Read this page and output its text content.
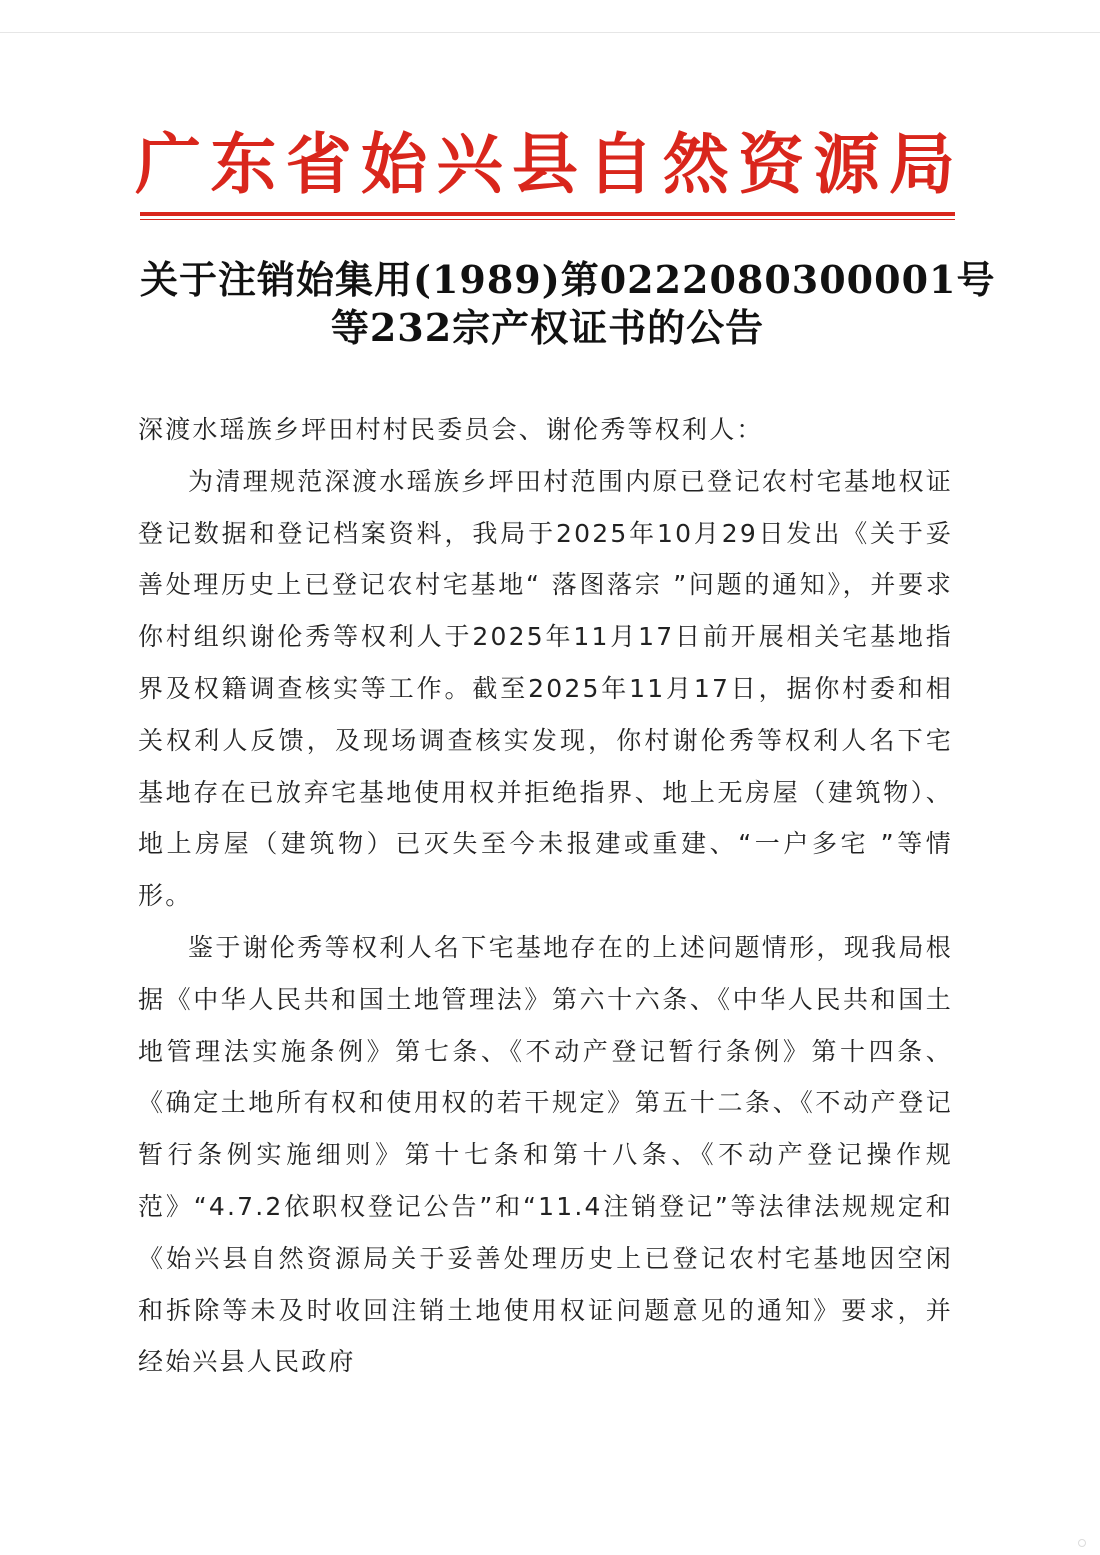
广 东 省 始 兴 县 自 然 资 源 局
关于注销始集用(1989)第0222080300001号
等232宗产权证书的公告

深渡水瑶族乡坪田村村民委员会、谢伦秀等权利人：

为清理规范深渡水瑶族乡坪田村范围内原已登记农村宅基地权证登记数据和登记档案资料，我局于2025年10月29日发出《关于妥善处理历史上已登记农村宅基地“ 落图落宗 ”问题的通知》，并要求你村组织谢伦秀等权利人于2025年11月17日前开展相关宅基地指界及权籍调查核实等工作。截至2025年11月17日，据你村委和相关权利人反馈，及现场调查核实发现，你村谢伦秀等权利人名下宅基地存在已放弃宅基地使用权并拒绝指界、地上无房屋（建筑物）、地上房屋（建筑物）已灭失至今未报建或重建、“一户多宅 ”等情形。

鉴于谢伦秀等权利人名下宅基地存在的上述问题情形，现我局根据《中华人民共和国土地管理法》第六十六条、《中华人民共和国土地管理法实施条例》第七条、《不动产登记暂行条例》第十四条、《确定土地所有权和使用权的若干规定》第五十二条、《不动产登记暂行条例实施细则》第十七条和第十八条、《不动产登记操作规范》“4.7.2依职权登记公告”和“11.4注销登记”等法律法规规定和《始兴县自然资源局关于妥善处理历史上已登记农村宅基地因空闲和拆除等未及时收回注销土地使用权证问题意见的通知》要求，并经始兴县人民政府
